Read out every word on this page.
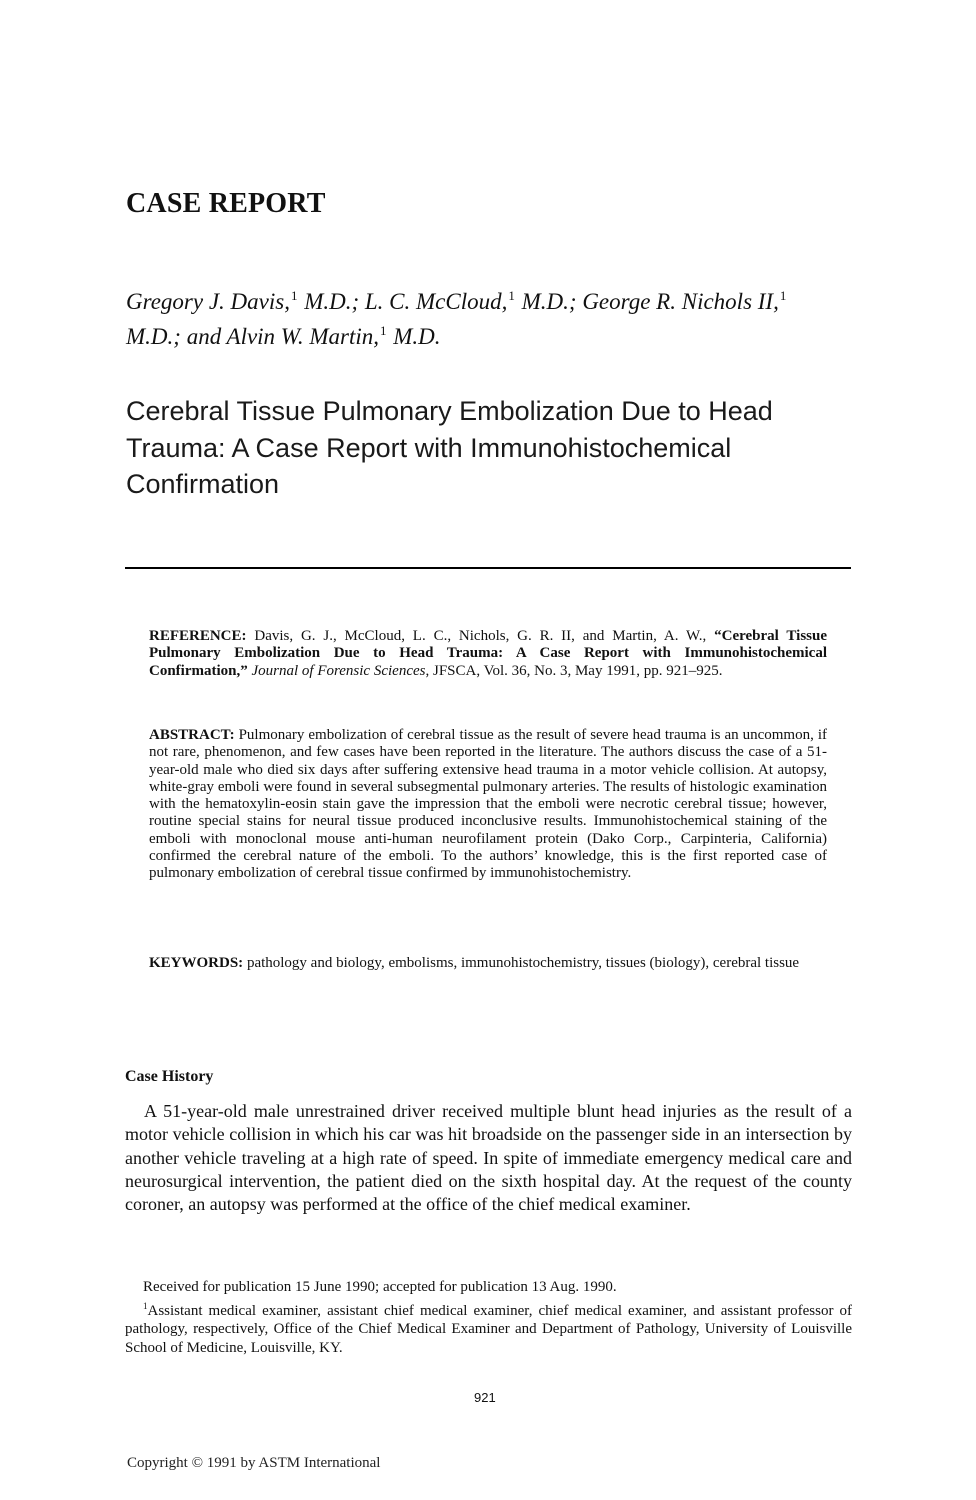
CASE REPORT
Gregory J. Davis,$^1$ M.D.; L. C. McCloud,$^1$ M.D.; George R. Nichols II,$^1$ M.D.; and Alvin W. Martin,$^1$ M.D.
Cerebral Tissue Pulmonary Embolization Due to Head Trauma: A Case Report with Immunohistochemical Confirmation
REFERENCE: Davis, G. J., McCloud, L. C., Nichols, G. R. II, and Martin, A. W., “Cerebral Tissue Pulmonary Embolization Due to Head Trauma: A Case Report with Immunohistochemical Confirmation,” Journal of Forensic Sciences, JFSCA, Vol. 36, No. 3, May 1991, pp. 921–925.
ABSTRACT: Pulmonary embolization of cerebral tissue as the result of severe head trauma is an uncommon, if not rare, phenomenon, and few cases have been reported in the literature. The authors discuss the case of a 51-year-old male who died six days after suffering extensive head trauma in a motor vehicle collision. At autopsy, white-gray emboli were found in several subsegmental pulmonary arteries. The results of histologic examination with the hematoxylin-eosin stain gave the impression that the emboli were necrotic cerebral tissue; however, routine special stains for neural tissue produced inconclusive results. Immunohistochemical staining of the emboli with monoclonal mouse anti-human neurofilament protein (Dako Corp., Carpinteria, California) confirmed the cerebral nature of the emboli. To the authors’ knowledge, this is the first reported case of pulmonary embolization of cerebral tissue confirmed by immunohistochemistry.
KEYWORDS: pathology and biology, embolisms, immunohistochemistry, tissues (biology), cerebral tissue
Case History
A 51-year-old male unrestrained driver received multiple blunt head injuries as the result of a motor vehicle collision in which his car was hit broadside on the passenger side in an intersection by another vehicle traveling at a high rate of speed. In spite of immediate emergency medical care and neurosurgical intervention, the patient died on the sixth hospital day. At the request of the county coroner, an autopsy was performed at the office of the chief medical examiner.
Received for publication 15 June 1990; accepted for publication 13 Aug. 1990.
$^1$Assistant medical examiner, assistant chief medical examiner, chief medical examiner, and assistant professor of pathology, respectively, Office of the Chief Medical Examiner and Department of Pathology, University of Louisville School of Medicine, Louisville, KY.
921
Copyright © 1991 by ASTM International
